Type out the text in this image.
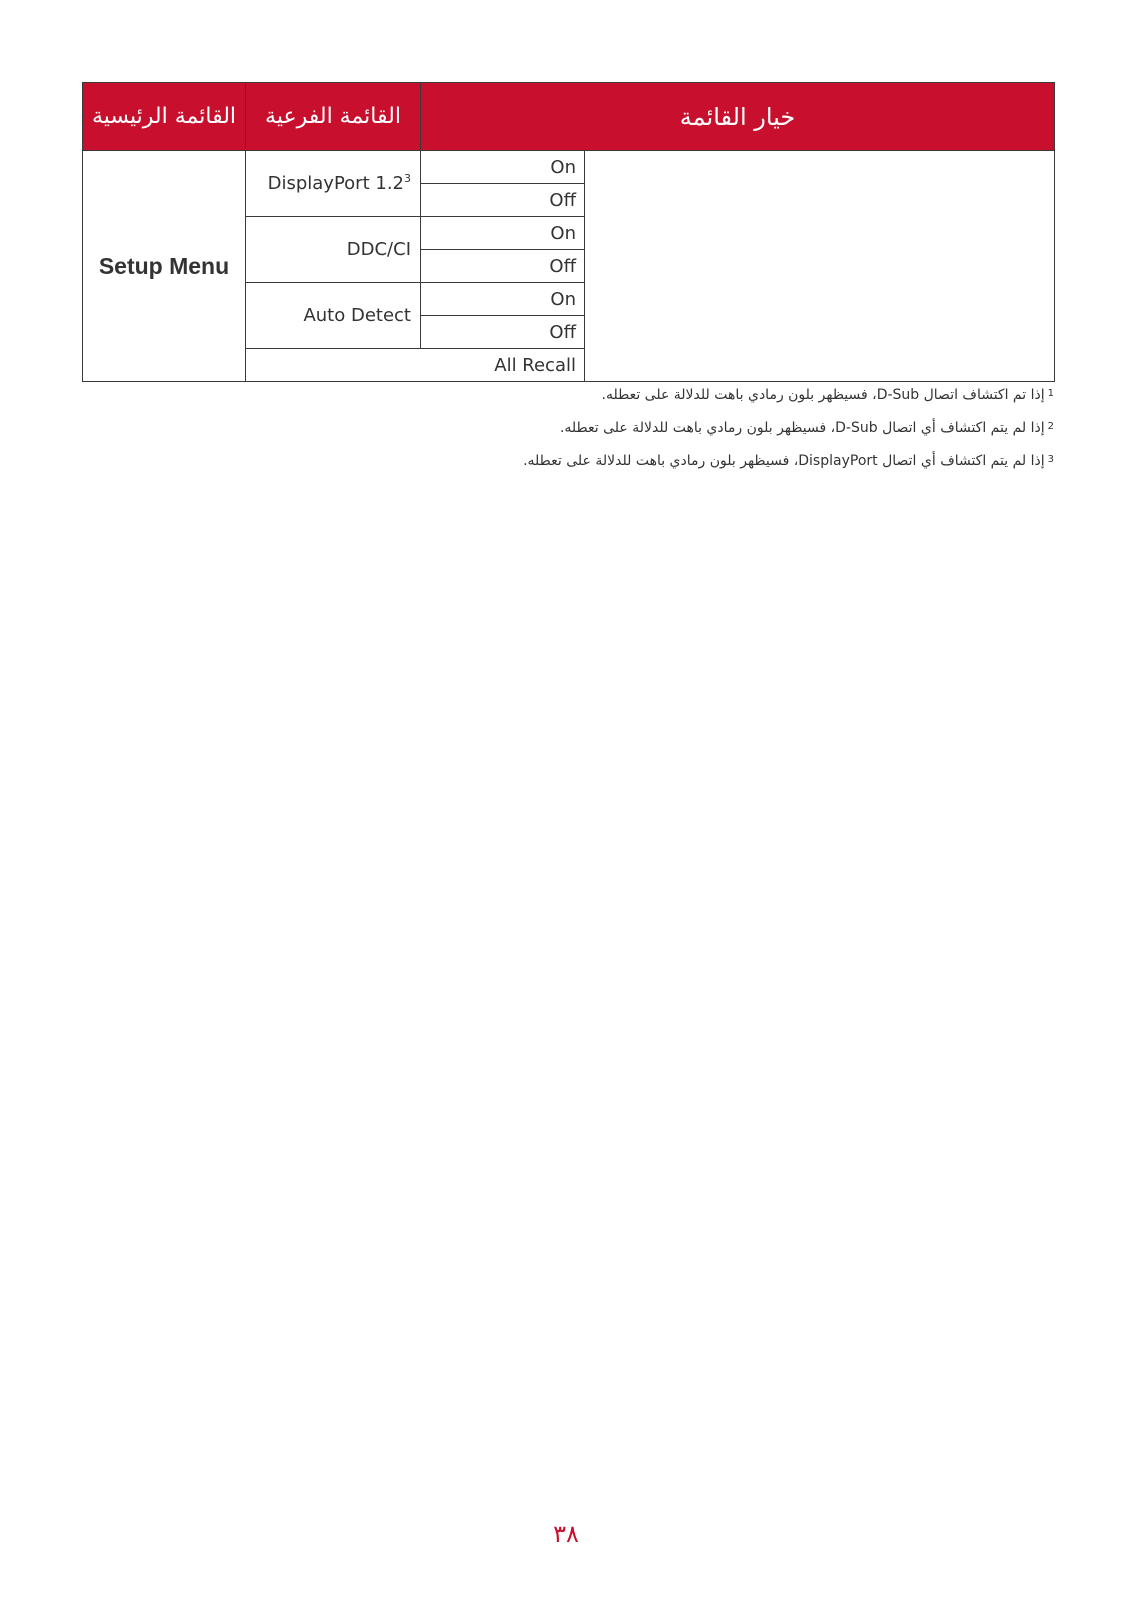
القائمة الرئيسية	القائمة الفرعية	خيار القائمة	
Setup Menu	DisplayPort $1.2^3$	On	
		Off	
	DDC/CI	On	
		Off	
	Auto Detect	On	
		Off	
	All Recall		
$^1$إذا تم اكتشاف اتصال D-Sub، فسيظهر بلون رمادي باهت للدلالة على تعطله.
$^2$إذا لم يتم اكتشاف أي اتصال D-Sub، فسيظهر بلون رمادي باهت للدلالة على تعطله.
$^3$إذا لم يتم اكتشاف أي اتصال DisplayPort، فسيظهر بلون رمادي باهت للدلالة على تعطله.
٣٨
